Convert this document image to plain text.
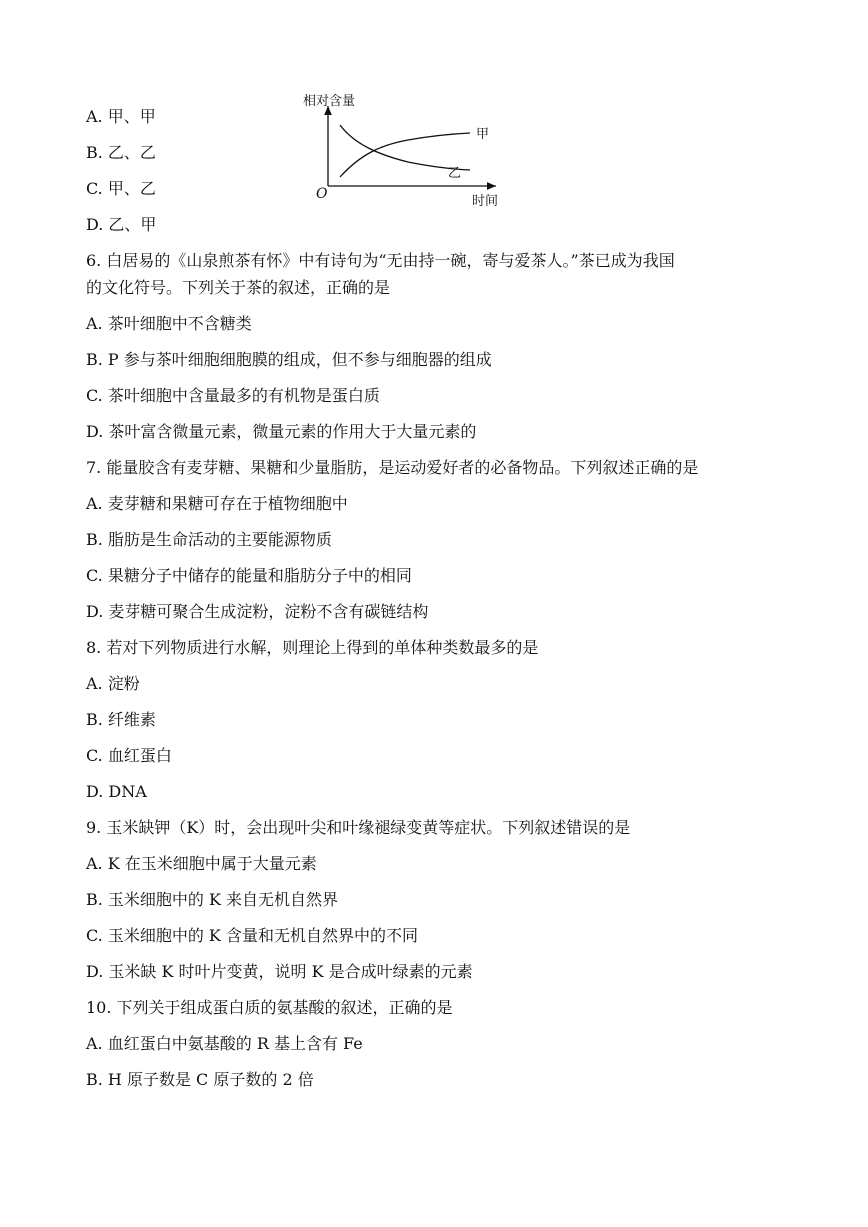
A. 甲、甲
B. 乙、乙
C. 甲、乙
D. 乙、甲
相对含量
时间
O
甲
乙
6. 白居易的《山泉煎茶有怀》中有诗句为“无由持一碗，寄与爱茶人。”茶已成为我国
的文化符号。下列关于茶的叙述，正确的是
A. 茶叶细胞中不含糖类
B. P 参与茶叶细胞细胞膜的组成，但不参与细胞器的组成
C. 茶叶细胞中含量最多的有机物是蛋白质
D. 茶叶富含微量元素，微量元素的作用大于大量元素的
7. 能量胶含有麦芽糖、果糖和少量脂肪，是运动爱好者的必备物品。下列叙述正确的是
A. 麦芽糖和果糖可存在于植物细胞中
B. 脂肪是生命活动的主要能源物质
C. 果糖分子中储存的能量和脂肪分子中的相同
D. 麦芽糖可聚合生成淀粉，淀粉不含有碳链结构
8. 若对下列物质进行水解，则理论上得到的单体种类数最多的是
A. 淀粉
B. 纤维素
C. 血红蛋白
D. DNA
9. 玉米缺钾（K）时，会出现叶尖和叶缘褪绿变黄等症状。下列叙述错误的是
A. K 在玉米细胞中属于大量元素
B. 玉米细胞中的 K 来自无机自然界
C. 玉米细胞中的 K 含量和无机自然界中的不同
D. 玉米缺 K 时叶片变黄，说明 K 是合成叶绿素的元素
10. 下列关于组成蛋白质的氨基酸的叙述，正确的是
A. 血红蛋白中氨基酸的 R 基上含有 Fe
B. H 原子数是 C 原子数的 2 倍
